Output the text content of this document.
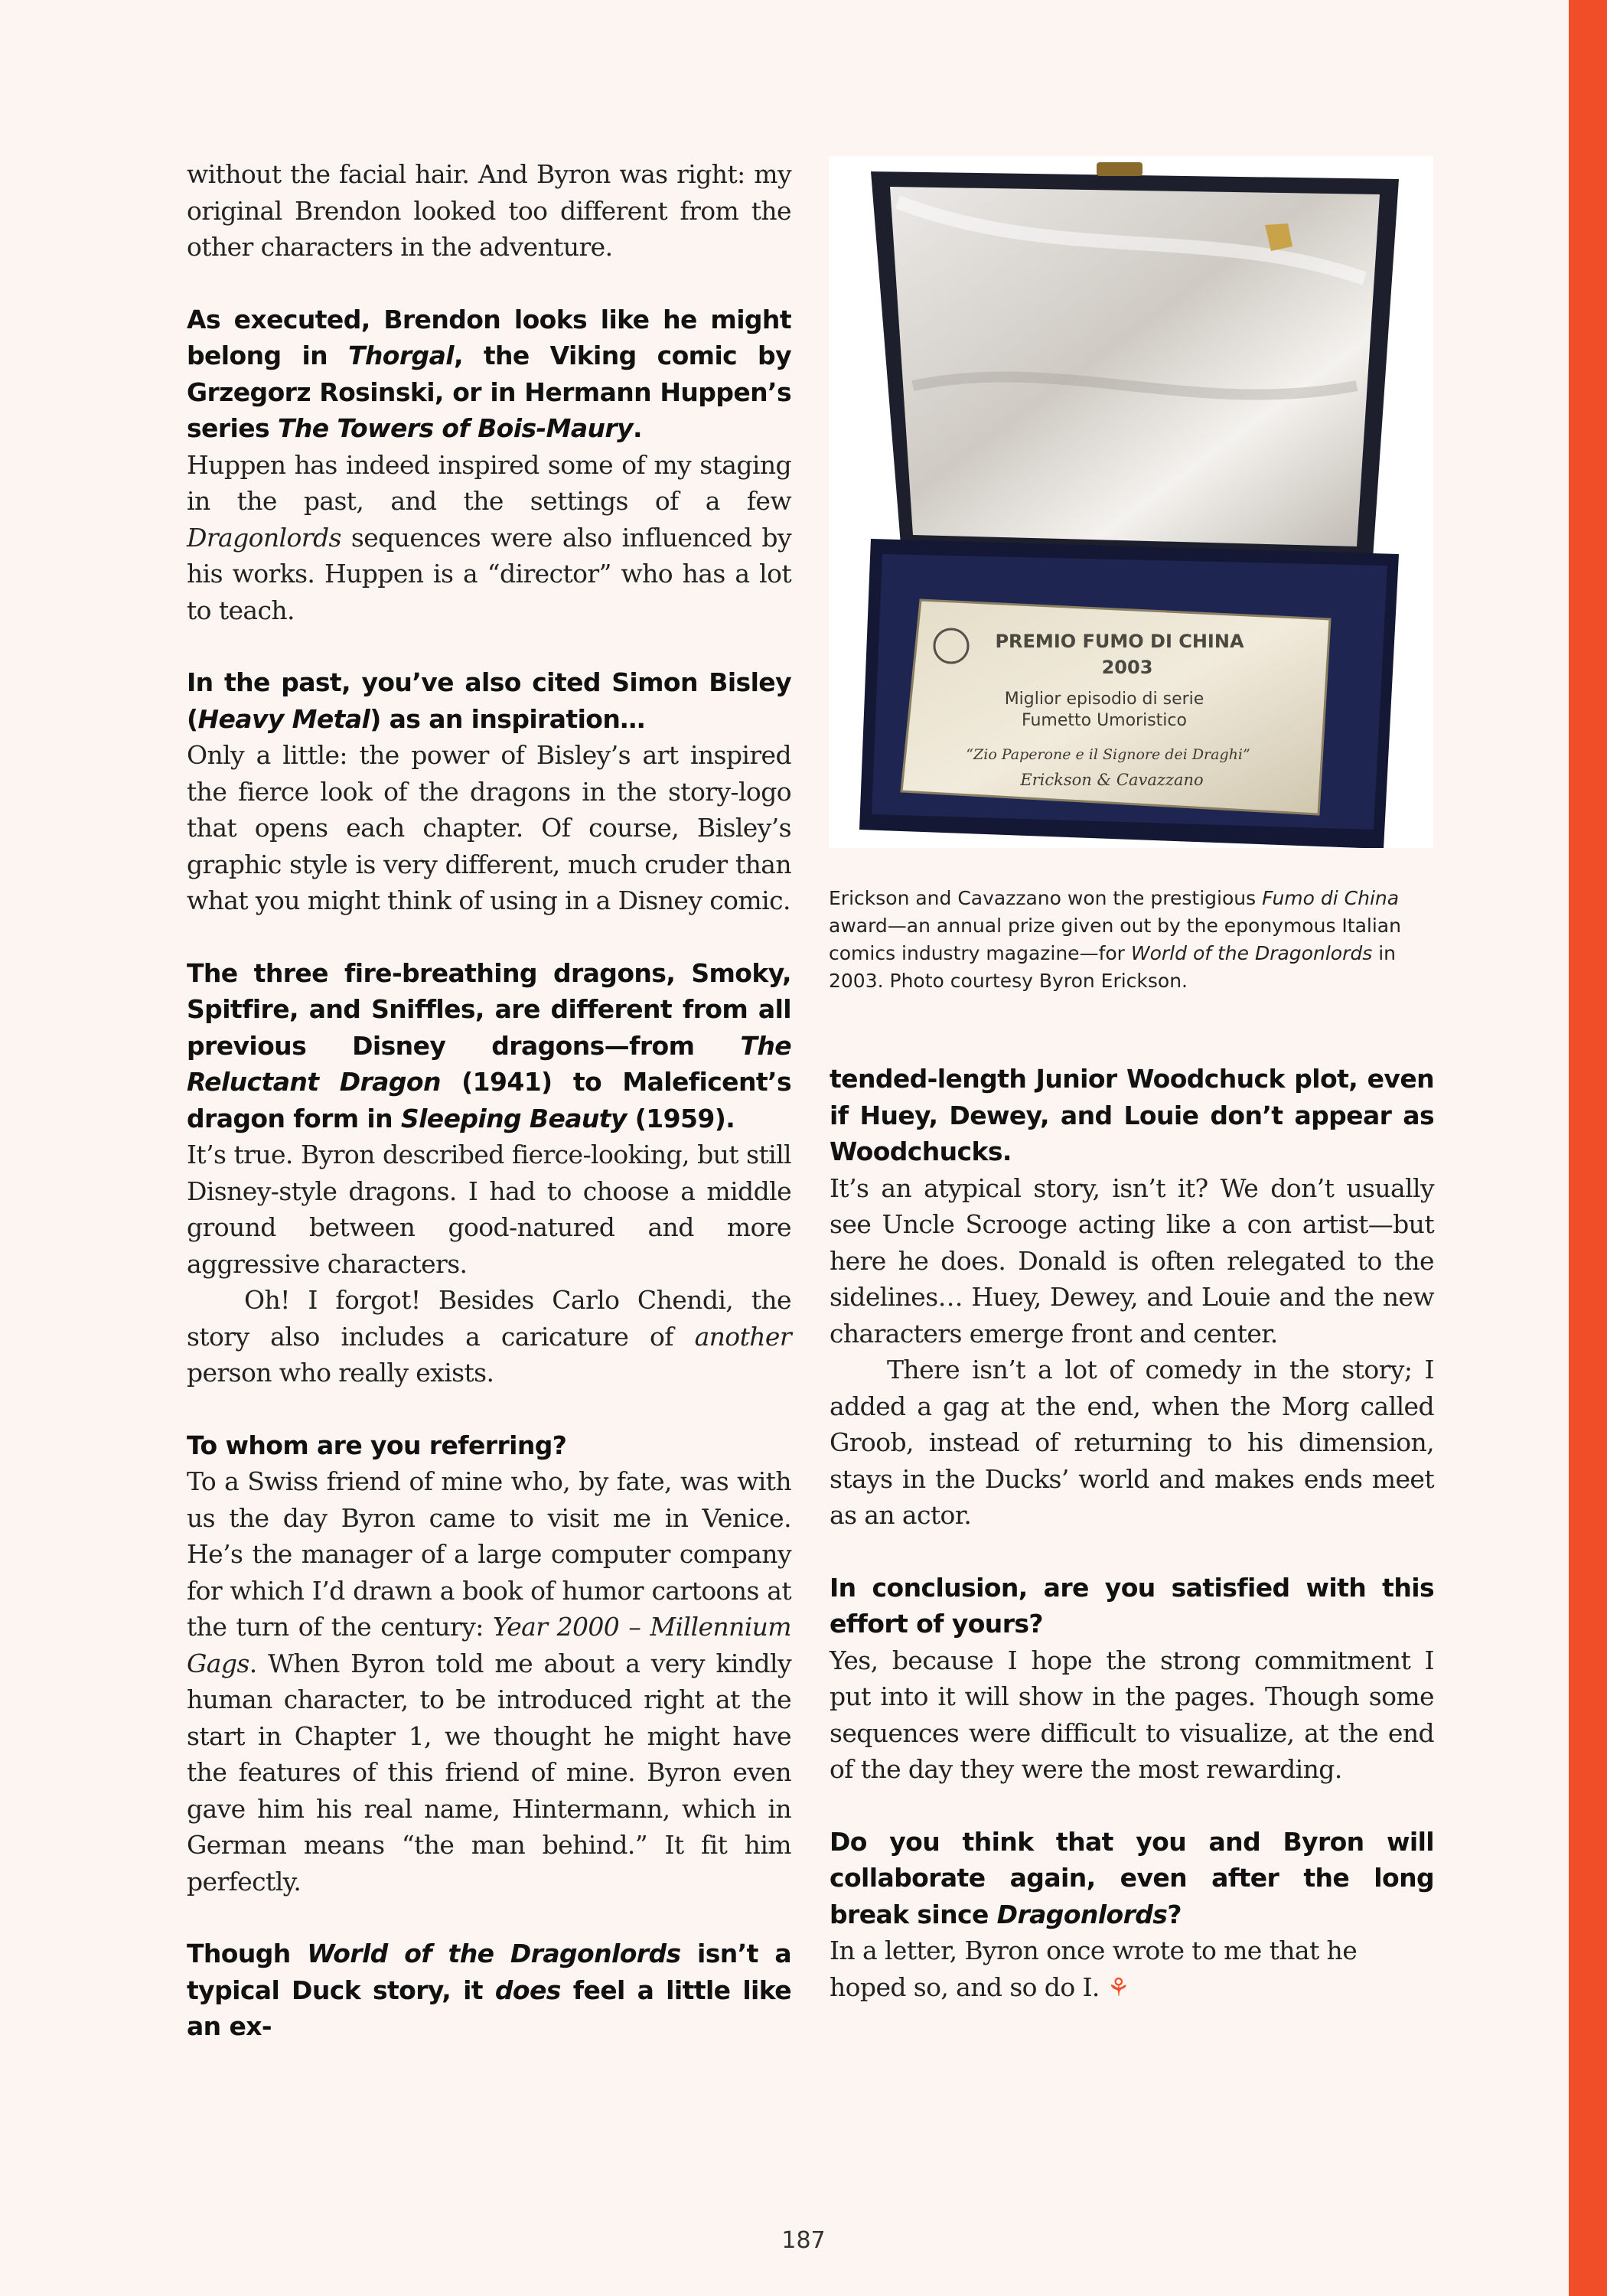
without the facial hair. And Byron was right: my original Brendon looked too different from the other characters in the adventure.

As executed, Brendon looks like he might belong in Thorgal, the Viking comic by Grzegorz Rosinski, or in Hermann Huppen’s series The Towers of Bois-Maury.

Huppen has indeed inspired some of my staging in the past, and the settings of a few Dragonlords sequences were also influenced by his works. Huppen is a “director” who has a lot to teach.

In the past, you’ve also cited Simon Bisley (Heavy Metal) as an inspiration…

Only a little: the power of Bisley’s art inspired the fierce look of the dragons in the story-logo that opens each chapter. Of course, Bisley’s graphic style is very different, much cruder than what you might think of using in a Disney comic.

The three fire-breathing dragons, Smoky, Spitfire, and Sniffles, are different from all previous Disney dragons—from The Reluctant Dragon (1941) to Maleficent’s dragon form in Sleeping Beauty (1959).

It’s true. Byron described fierce-looking, but still Disney-style dragons. I had to choose a middle ground between good-natured and more aggressive characters.

Oh! I forgot! Besides Carlo Chendi, the story also includes a caricature of another person who really exists.

To whom are you referring?

To a Swiss friend of mine who, by fate, was with us the day Byron came to visit me in Venice. He’s the manager of a large computer company for which I’d drawn a book of humor cartoons at the turn of the century: Year 2000 – Millennium Gags. When Byron told me about a very kindly human character, to be introduced right at the start in Chapter 1, we thought he might have the features of this friend of mine. Byron even gave him his real name, Hintermann, which in German means “the man behind.” It fit him perfectly.

Though World of the Dragonlords isn’t a typical Duck story, it does feel a little like an ex-

PREMIO FUMO DI CHINA
2003
Miglior episodio di serie
Fumetto Umoristico
“Zio Paperone e il Signore dei Draghi”
Erickson & Cavazzano

Erickson and Cavazzano won the prestigious Fumo di China award—an annual prize given out by the eponymous Italian comics industry magazine—for World of the Dragonlords in 2003. Photo courtesy Byron Erickson.

tended-length Junior Woodchuck plot, even if Huey, Dewey, and Louie don’t appear as Woodchucks.

It’s an atypical story, isn’t it? We don’t usually see Uncle Scrooge acting like a con artist—but here he does. Donald is often relegated to the sidelines… Huey, Dewey, and Louie and the new characters emerge front and center.

There isn’t a lot of comedy in the story; I added a gag at the end, when the Morg called Groob, instead of returning to his dimension, stays in the Ducks’ world and makes ends meet as an actor.

In conclusion, are you satisfied with this effort of yours?

Yes, because I hope the strong commitment I put into it will show in the pages. Though some sequences were difficult to visualize, at the end of the day they were the most rewarding.

Do you think that you and Byron will collaborate again, even after the long break since Dragonlords?

In a letter, Byron once wrote to me that he hoped so, and so do I. ⚘

187
